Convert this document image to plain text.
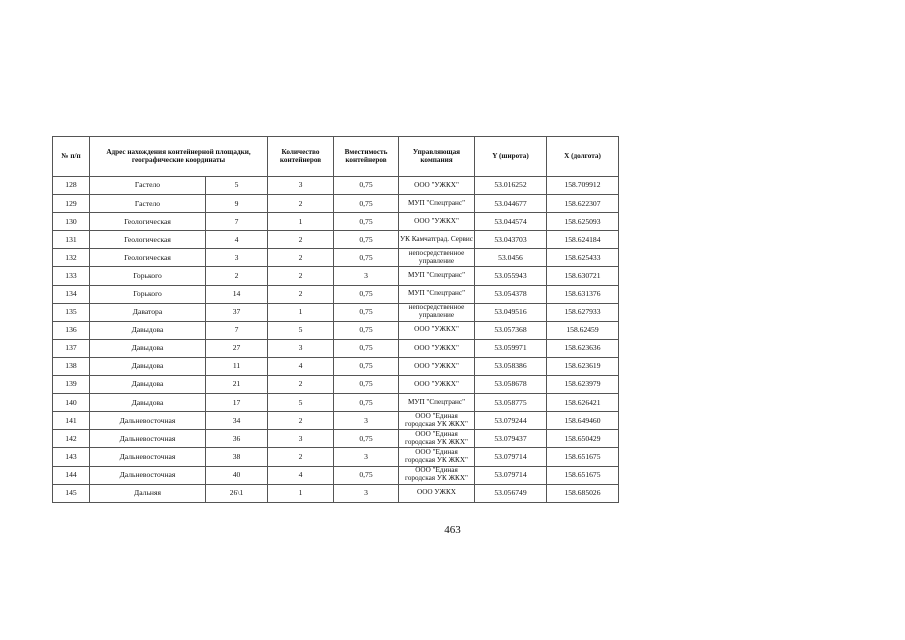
№ п/п	Адрес нахождения контейнерной площадки, географические координаты		Количество контейнеров	Вместимость контейнеров	Управляющая компания	Y (широта)	X (долгота)
128	Гастело	5	3	0,75	ООО "УЖКХ"	53.016252	158.709912
129	Гастело	9	2	0,75	МУП "Спецтранс"	53.044677	158.622307
130	Геологическая	7	1	0,75	ООО "УЖКХ"	53.044574	158.625093
131	Геологическая	4	2	0,75	УК Камчатград. Сервис	53.043703	158.624184
132	Геологическая	3	2	0,75	непосредственное управление	53.0456	158.625433
133	Горького	2	2	3	МУП "Спецтранс"	53.055943	158.630721
134	Горького	14	2	0,75	МУП "Спецтранс"	53.054378	158.631376
135	Даватора	37	1	0,75	непосредственное управление	53.049516	158.627933
136	Давыдова	7	5	0,75	ООО "УЖКХ"	53.057368	158.62459
137	Давыдова	27	3	0,75	ООО "УЖКХ"	53.059971	158.623636
138	Давыдова	11	4	0,75	ООО "УЖКХ"	53.058386	158.623619
139	Давыдова	21	2	0,75	ООО "УЖКХ"	53.058678	158.623979
140	Давыдова	17	5	0,75	МУП "Спецтранс"	53.058775	158.626421
141	Дальневосточная	34	2	3	ООО "Единая городская УК ЖКХ"	53.079244	158.649460
142	Дальневосточная	36	3	0,75	ООО "Единая городская УК ЖКХ"	53.079437	158.650429
143	Дальневосточная	38	2	3	ООО "Единая городская УК ЖКХ"	53.079714	158.651675
144	Дальневосточная	40	4	0,75	ООО "Единая городская УК ЖКХ"	53.079714	158.651675
145	Дальняя	26\1	1	3	ООО УЖКХ	53.056749	158.685026
463
